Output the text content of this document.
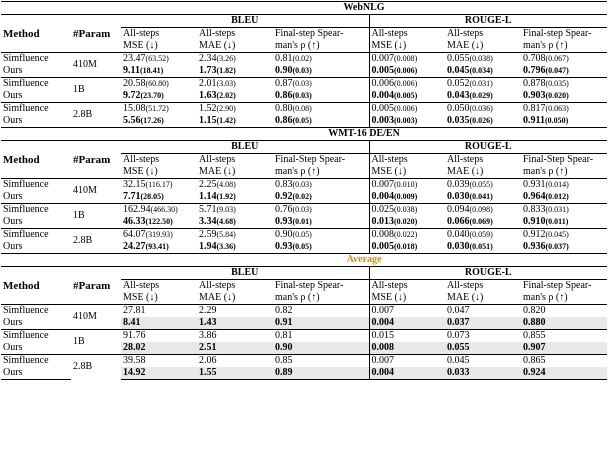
		WebNLG					
Method	#Param	BLEU			ROUGE-L		
		All-steps	All-steps	Final-step Spear-	All-steps	All-steps	Final-step Spear-
		MSE (↓)	MAE (↓)	man's ρ (↑)	MSE (↓)	MAE (↓)	man's ρ (↑)
Simfluence	410M	23.47(63.52)	2.34(3.26)	0.81(0.02)	0.007(0.008)	0.055(0.038)	0.708(0.067)
Ours		9.11(18.41)	1.73(1.82)	0.90(0.03)	0.005(0.006)	0.045(0.034)	0.796(0.047)
Simfluence	1B	20.58(60.80)	2.01(3.03)	0.87(0.03)	0.006(0.006)	0.052(0.031)	0.878(0.035)
Ours		9.72(23.70)	1.63(2.02)	0.86(0.03)	0.004(0.005)	0.043(0.029)	0.903(0.020)
Simfluence	2.8B	15.08(51.72)	1.52(2.90)	0.80(0.08)	0.005(0.006)	0.050(0.036)	0.817(0.063)
Ours		5.56(17.26)	1.15(1.42)	0.86(0.05)	0.003(0.003)	0.035(0.026)	0.911(0.050)
		WMT-16 DE/EN					
Method	#Param	BLEU			ROUGE-L		
		All-steps	All-steps	Final-Step Spear-	All-steps	All-steps	Final-Step Spear-
		MSE (↓)	MAE (↓)	man's ρ (↑)	MSE (↓)	MAE (↓)	man's ρ (↑)
Simfluence	410M	32.15(116.17)	2.25(4.08)	0.83(0.03)	0.007(0.010)	0.039(0.055)	0.931(0.014)
Ours		7.71(28.05)	1.14(1.92)	0.92(0.02)	0.004(0.009)	0.030(0.041)	0.964(0.012)
Simfluence	1B	162.94(466.30)	5.71(9.03)	0.76(0.03)	0.025(0.038)	0.094(0.098)	0.833(0.031)
Ours		46.33(122.50)	3.34(4.68)	0.93(0.01)	0.013(0.020)	0.066(0.069)	0.910(0.011)
Simfluence	2.8B	64.07(319.93)	2.59(5.84)	0.90(0.05)	0.008(0.022)	0.040(0.059)	0.912(0.045)
Ours		24.27(93.41)	1.94(3.36)	0.93(0.05)	0.005(0.018)	0.030(0.051)	0.936(0.037)
		Average					
Method	#Param	BLEU			ROUGE-L		
		All-steps	All-steps	Final-step Spear-	All-steps	All-steps	Final-step Spear-
		MSE (↓)	MAE (↓)	man's ρ (↑)	MSE (↓)	MAE (↓)	man's ρ (↑)
Simfluence	410M	27.81	2.29	0.82	0.007	0.047	0.820
Ours		8.41	1.43	0.91	0.004	0.037	0.880
Simfluence	1B	91.76	3.86	0.81	0.015	0.073	0.855
Ours		28.02	2.51	0.90	0.008	0.055	0.907
Simfluence	2.8B	39.58	2.06	0.85	0.007	0.045	0.865
Ours		14.92	1.55	0.89	0.004	0.033	0.924
